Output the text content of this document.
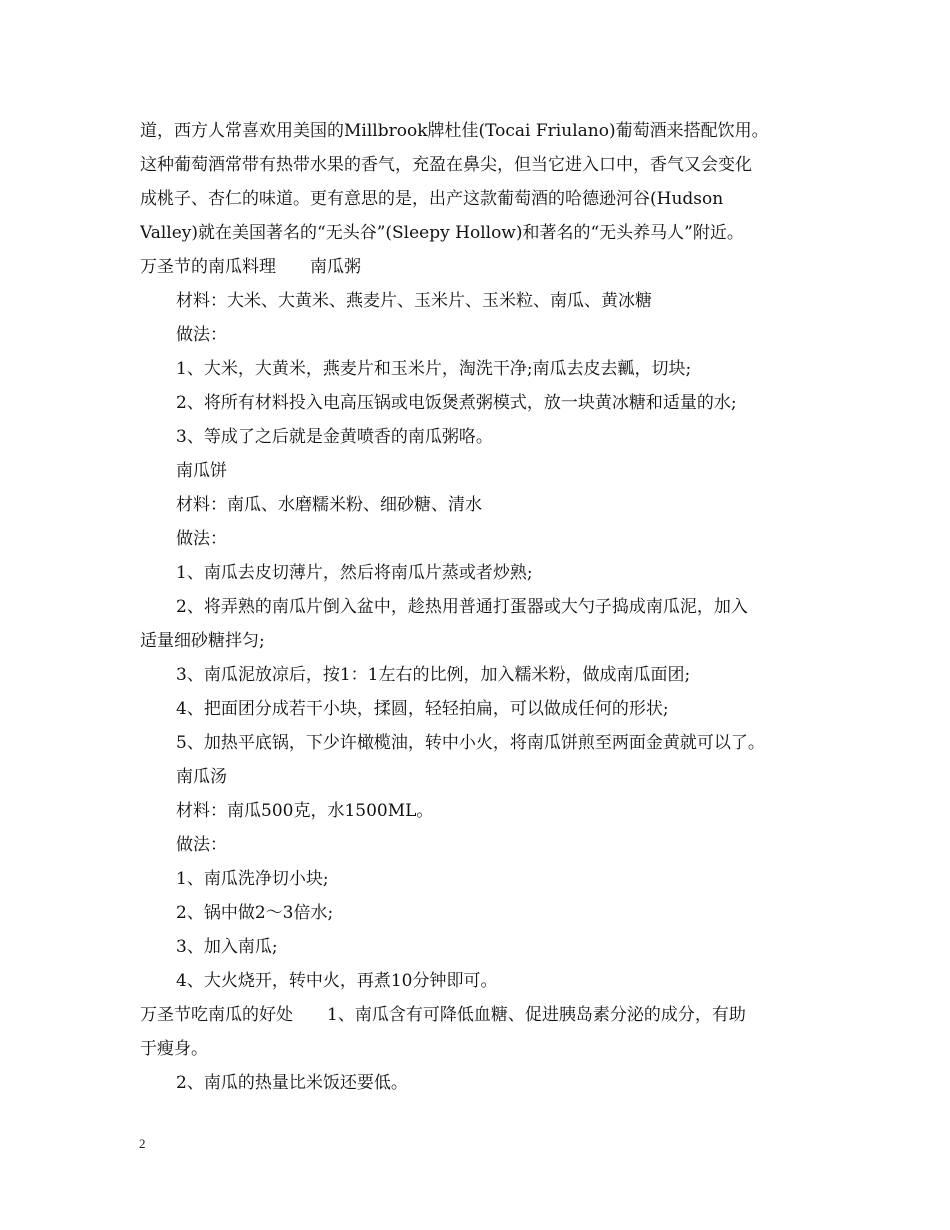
道，西方人常喜欢用美国的Millbrook牌杜佳(Tocai Friulano)葡萄酒来搭配饮用。
这种葡萄酒常带有热带水果的香气，充盈在鼻尖，但当它进入口中，香气又会变化
成桃子、杏仁的味道。更有意思的是，出产这款葡萄酒的哈德逊河谷(Hudson
Valley)就在美国著名的“无头谷”(Sleepy Hollow)和著名的“无头养马人”附近。
万圣节的南瓜料理　　南瓜粥
材料：大米、大黄米、燕麦片、玉米片、玉米粒、南瓜、黄冰糖
做法：
1、大米，大黄米，燕麦片和玉米片，淘洗干净;南瓜去皮去瓤，切块;
2、将所有材料投入电高压锅或电饭煲煮粥模式，放一块黄冰糖和适量的水;
3、等成了之后就是金黄喷香的南瓜粥咯。
南瓜饼
材料：南瓜、水磨糯米粉、细砂糖、清水
做法：
1、南瓜去皮切薄片，然后将南瓜片蒸或者炒熟;
2、将弄熟的南瓜片倒入盆中，趁热用普通打蛋器或大勺子捣成南瓜泥，加入
适量细砂糖拌匀;
3、南瓜泥放凉后，按1：1左右的比例，加入糯米粉，做成南瓜面团;
4、把面团分成若干小块，揉圆，轻轻拍扁，可以做成任何的形状;
5、加热平底锅，下少许橄榄油，转中小火，将南瓜饼煎至两面金黄就可以了。
南瓜汤
材料：南瓜500克，水1500ML。
做法：
1、南瓜洗净切小块;
2、锅中做2～3倍水;
3、加入南瓜;
4、大火烧开，转中火，再煮10分钟即可。
万圣节吃南瓜的好处　　1、南瓜含有可降低血糖、促进胰岛素分泌的成分，有助
于瘦身。
2、南瓜的热量比米饭还要低。
2
